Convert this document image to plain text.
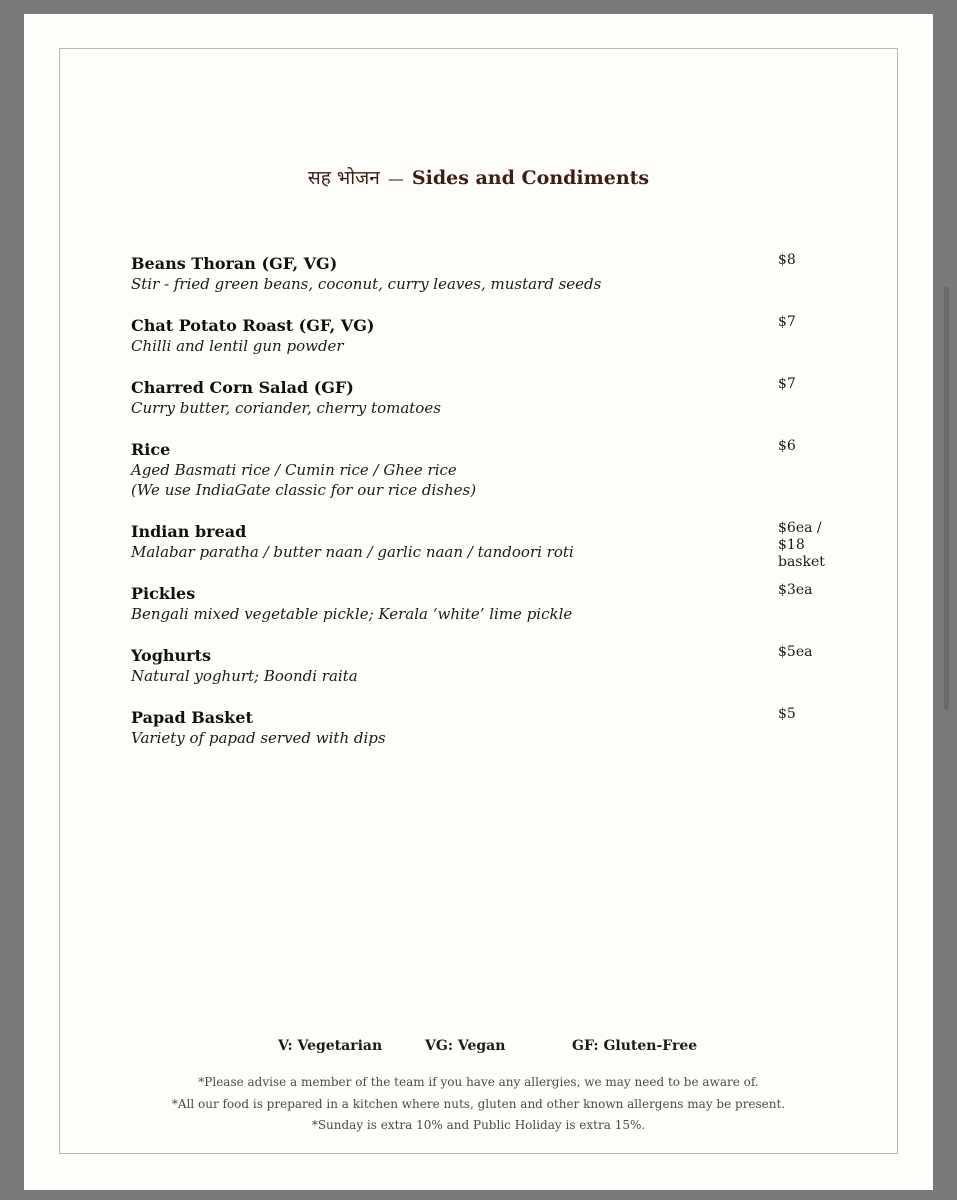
सह भोजन — Sides and Condiments
Beans Thoran (GF, VG)
Stir - fried green beans, coconut, curry leaves, mustard seeds
$8
Chat Potato Roast (GF, VG)
Chilli and lentil gun powder
$7
Charred Corn Salad (GF)
Curry butter, coriander, cherry tomatoes
$7
Rice
Aged Basmati rice / Cumin rice / Ghee rice
(We use IndiaGate classic for our rice dishes)
$6
Indian bread
Malabar paratha / butter naan / garlic naan / tandoori roti
$6ea /
$18
basket
Pickles
Bengali mixed vegetable pickle; Kerala ‘white’ lime pickle
$3ea
Yoghurts
Natural yoghurt; Boondi raita
$5ea
Papad Basket
Variety of papad served with dips
$5
V: Vegetarian	VG: Vegan	GF: Gluten-Free
*Please advise a member of the team if you have any allergies, we may need to be aware of.
*All our food is prepared in a kitchen where nuts, gluten and other known allergens may be present.
*Sunday is extra 10% and Public Holiday is extra 15%.
